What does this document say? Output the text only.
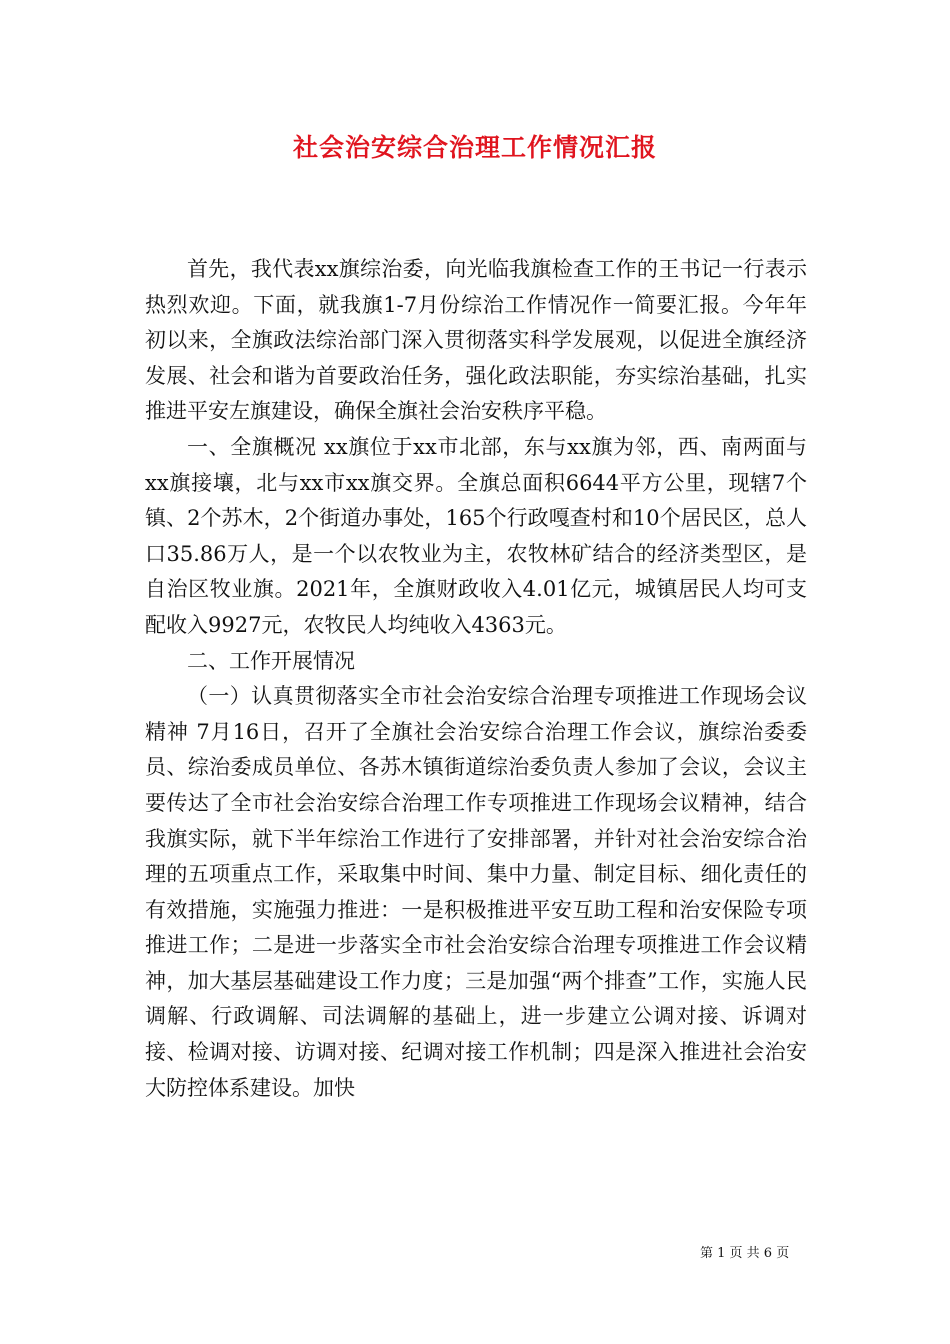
社会治安综合治理工作情况汇报

首先，我代表xx旗综治委，向光临我旗检查工作的王书记一行表示热烈欢迎。下面，就我旗1-7月份综治工作情况作一简要汇报。今年年初以来，全旗政法综治部门深入贯彻落实科学发展观，以促进全旗经济发展、社会和谐为首要政治任务，强化政法职能，夯实综治基础，扎实推进平安左旗建设，确保全旗社会治安秩序平稳。

一、全旗概况 xx旗位于xx市北部，东与xx旗为邻，西、南两面与xx旗接壤，北与xx市xx旗交界。全旗总面积6644平方公里，现辖7个镇、2个苏木，2个街道办事处，165个行政嘎查村和10个居民区，总人口35.86万人，是一个以农牧业为主，农牧林矿结合的经济类型区，是自治区牧业旗。2021年，全旗财政收入4.01亿元，城镇居民人均可支配收入9927元，农牧民人均纯收入4363元。

二、工作开展情况

（一）认真贯彻落实全市社会治安综合治理专项推进工作现场会议精神 7月16日，召开了全旗社会治安综合治理工作会议，旗综治委委员、综治委成员单位、各苏木镇街道综治委负责人参加了会议，会议主要传达了全市社会治安综合治理工作专项推进工作现场会议精神，结合我旗实际，就下半年综治工作进行了安排部署，并针对社会治安综合治理的五项重点工作，采取集中时间、集中力量、制定目标、细化责任的有效措施，实施强力推进：一是积极推进平安互助工程和治安保险专项推进工作；二是进一步落实全市社会治安综合治理专项推进工作会议精神，加大基层基础建设工作力度；三是加强“两个排查”工作，实施人民调解、行政调解、司法调解的基础上，进一步建立公调对接、诉调对接、检调对接、访调对接、纪调对接工作机制；四是深入推进社会治安大防控体系建设。加快

第 1 页 共 6 页
